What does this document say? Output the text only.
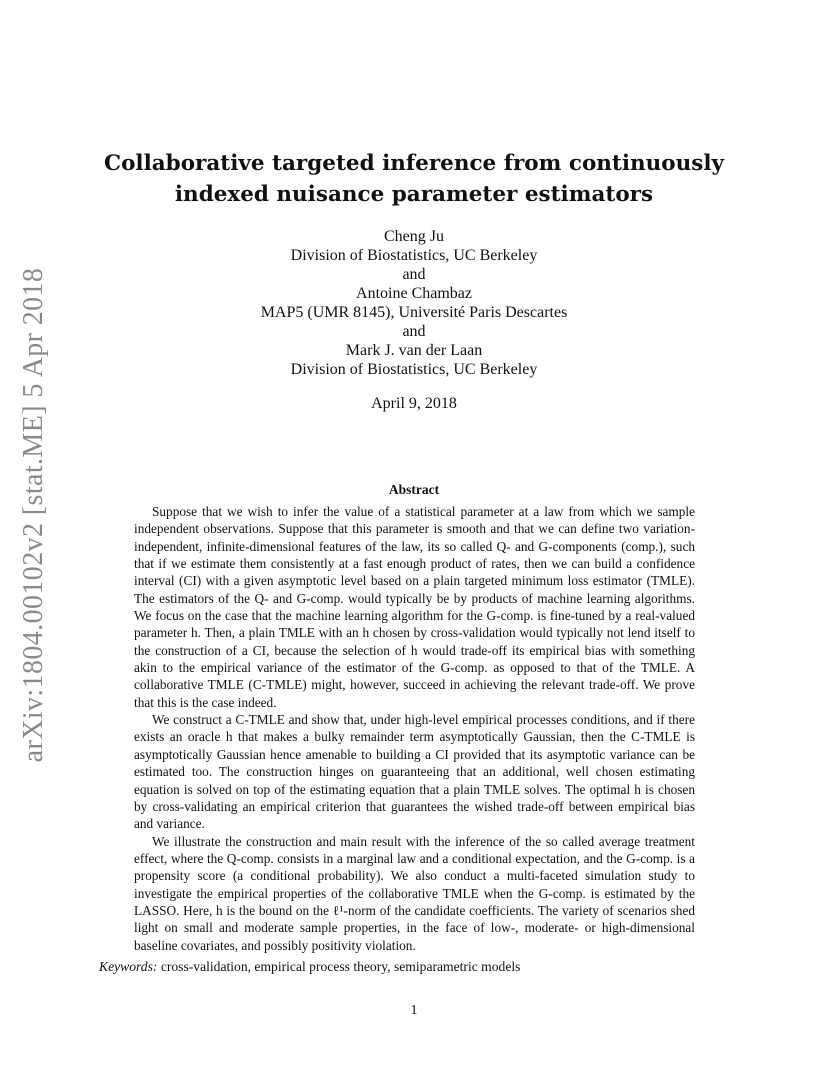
arXiv:1804.00102v2 [stat.ME] 5 Apr 2018
Collaborative targeted inference from continuously
indexed nuisance parameter estimators
Cheng Ju
Division of Biostatistics, UC Berkeley
and
Antoine Chambaz
MAP5 (UMR 8145), Université Paris Descartes
and
Mark J. van der Laan
Division of Biostatistics, UC Berkeley
April 9, 2018
Abstract

Suppose that we wish to infer the value of a statistical parameter at a law from which we sample independent observations. Suppose that this parameter is smooth and that we can define two variation-independent, infinite-dimensional features of the law, its so called Q- and G-components (comp.), such that if we estimate them consistently at a fast enough product of rates, then we can build a confidence interval (CI) with a given asymptotic level based on a plain targeted minimum loss estimator (TMLE). The estimators of the Q- and G-comp. would typically be by products of machine learning algorithms. We focus on the case that the machine learning algorithm for the G-comp. is fine-tuned by a real-valued parameter h. Then, a plain TMLE with an h chosen by cross-validation would typically not lend itself to the construction of a CI, because the selection of h would trade-off its empirical bias with something akin to the empirical variance of the estimator of the G-comp. as opposed to that of the TMLE. A collaborative TMLE (C-TMLE) might, however, succeed in achieving the relevant trade-off. We prove that this is the case indeed.

We construct a C-TMLE and show that, under high-level empirical processes conditions, and if there exists an oracle h that makes a bulky remainder term asymptotically Gaussian, then the C-TMLE is asymptotically Gaussian hence amenable to building a CI provided that its asymptotic variance can be estimated too. The construction hinges on guaranteeing that an additional, well chosen estimating equation is solved on top of the estimating equation that a plain TMLE solves. The optimal h is chosen by cross-validating an empirical criterion that guarantees the wished trade-off between empirical bias and variance.

We illustrate the construction and main result with the inference of the so called average treatment effect, where the Q-comp. consists in a marginal law and a conditional expectation, and the G-comp. is a propensity score (a conditional probability). We also conduct a multi-faceted simulation study to investigate the empirical properties of the collaborative TMLE when the G-comp. is estimated by the LASSO. Here, h is the bound on the ℓ¹-norm of the candidate coefficients. The variety of scenarios shed light on small and moderate sample properties, in the face of low-, moderate- or high-dimensional baseline covariates, and possibly positivity violation.

Keywords: cross-validation, empirical process theory, semiparametric models
1
